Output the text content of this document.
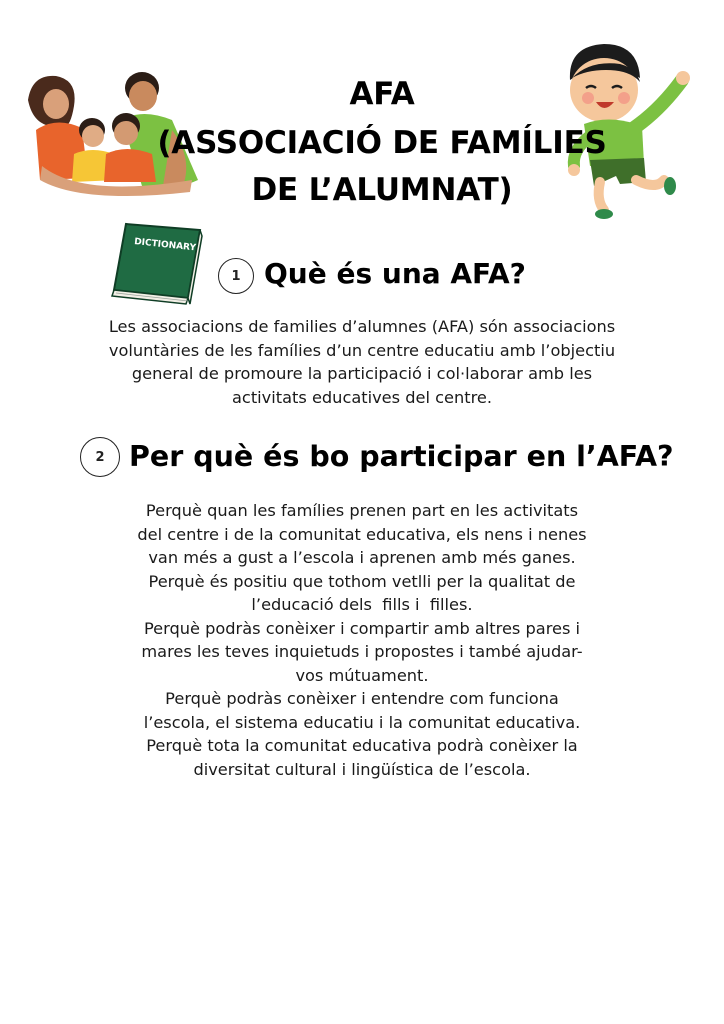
AFA
(ASSOCIACIÓ DE FAMÍLIES
DE L’ALUMNAT)
DICTIONARY
1 Què és una AFA?

Les associacions de families d’alumnes (AFA) són associacions
voluntàries de les famílies d’un centre educatiu amb l’objectiu
general de promoure la participació i col·laborar amb les
activitats educatives del centre.

2 Per què és bo participar en l’AFA?

Perquè quan les famílies prenen part en les activitats
del centre i de la comunitat educativa, els nens i nenes
van més a gust a l’escola i aprenen amb més ganes.
Perquè és positiu que tothom vetlli per la qualitat de
l’educació dels  fills i  filles.
Perquè podràs conèixer i compartir amb altres pares i
mares les teves inquietuds i propostes i també ajudar-
vos mútuament.
Perquè podràs conèixer i entendre com funciona
l’escola, el sistema educatiu i la comunitat educativa.
Perquè tota la comunitat educativa podrà conèixer la
diversitat cultural i lingüística de l’escola.
